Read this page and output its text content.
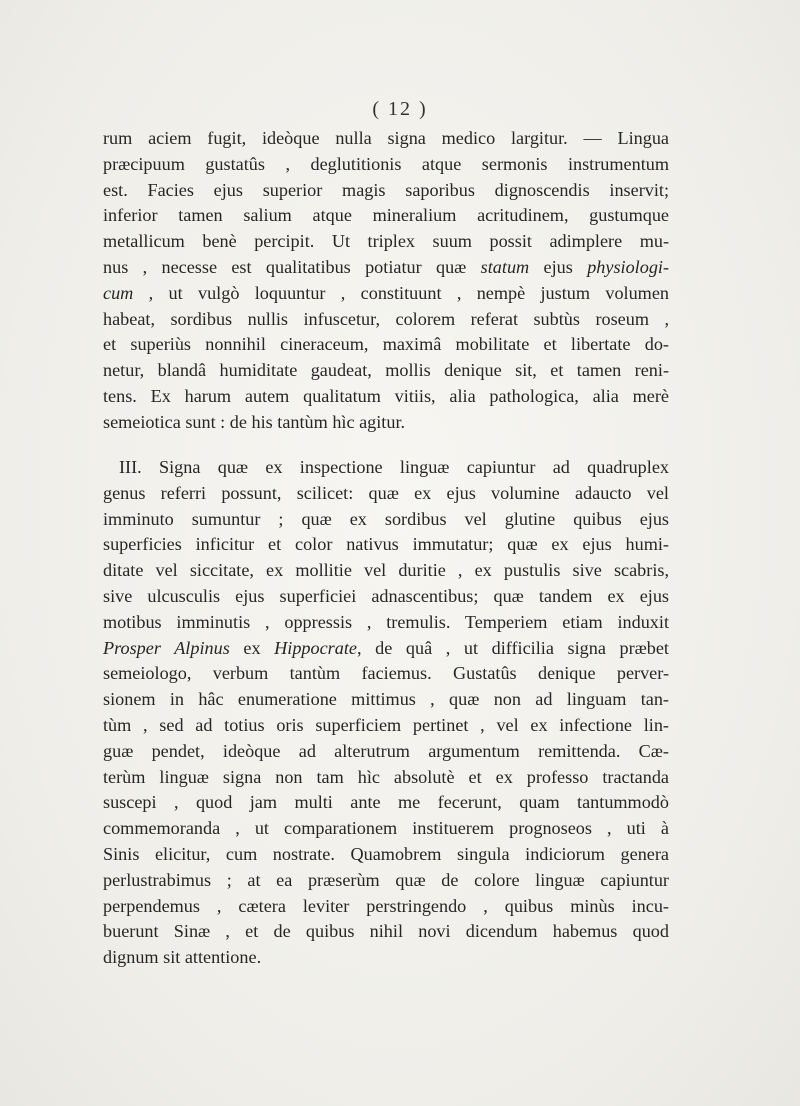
( 12 )
rum aciem fugit, ideòque nulla signa medico largitur. — Lingua
præcipuum gustatûs , deglutitionis atque sermonis instrumentum
est. Facies ejus superior magis saporibus dignoscendis inservit;
inferior tamen salium atque mineralium acritudinem, gustumque
metallicum benè percipit. Ut triplex suum possit adimplere mu-
nus , necesse est qualitatibus potiatur quæ statum ejus physiologi-
cum , ut vulgò loquuntur , constituunt , nempè justum volumen
habeat, sordibus nullis infuscetur, colorem referat subtùs roseum ,
et superiùs nonnihil cineraceum, maximâ mobilitate et libertate do-
netur, blandâ humiditate gaudeat, mollis denique sit, et tamen reni-
tens. Ex harum autem qualitatum vitiis, alia pathologica, alia merè
semeiotica sunt : de his tantùm hìc agitur.
III. Signa quæ ex inspectione linguæ capiuntur ad quadruplex
genus referri possunt, scilicet: quæ ex ejus volumine adaucto vel
imminuto sumuntur ; quæ ex sordibus vel glutine quibus ejus
superficies inficitur et color nativus immutatur; quæ ex ejus humi-
ditate vel siccitate, ex mollitie vel duritie , ex pustulis sive scabris,
sive ulcusculis ejus superficiei adnascentibus; quæ tandem ex ejus
motibus imminutis , oppressis , tremulis. Temperiem etiam induxit
Prosper Alpinus ex Hippocrate, de quâ , ut difficilia signa præbet
semeiologo, verbum tantùm faciemus. Gustatûs denique perver-
sionem in hâc enumeratione mittimus , quæ non ad linguam tan-
tùm , sed ad totius oris superficiem pertinet , vel ex infectione lin-
guæ pendet, ideòque ad alterutrum argumentum remittenda. Cæ-
terùm linguæ signa non tam hìc absolutè et ex professo tractanda
suscepi , quod jam multi ante me fecerunt, quam tantummodò
commemoranda , ut comparationem instituerem prognoseos , uti à
Sinis elicitur, cum nostrate. Quamobrem singula indiciorum genera
perlustrabimus ; at ea præserùm quæ de colore linguæ capiuntur
perpendemus , cætera leviter perstringendo , quibus minùs incu-
buerunt Sinæ , et de quibus nihil novi dicendum habemus quod
dignum sit attentione.
